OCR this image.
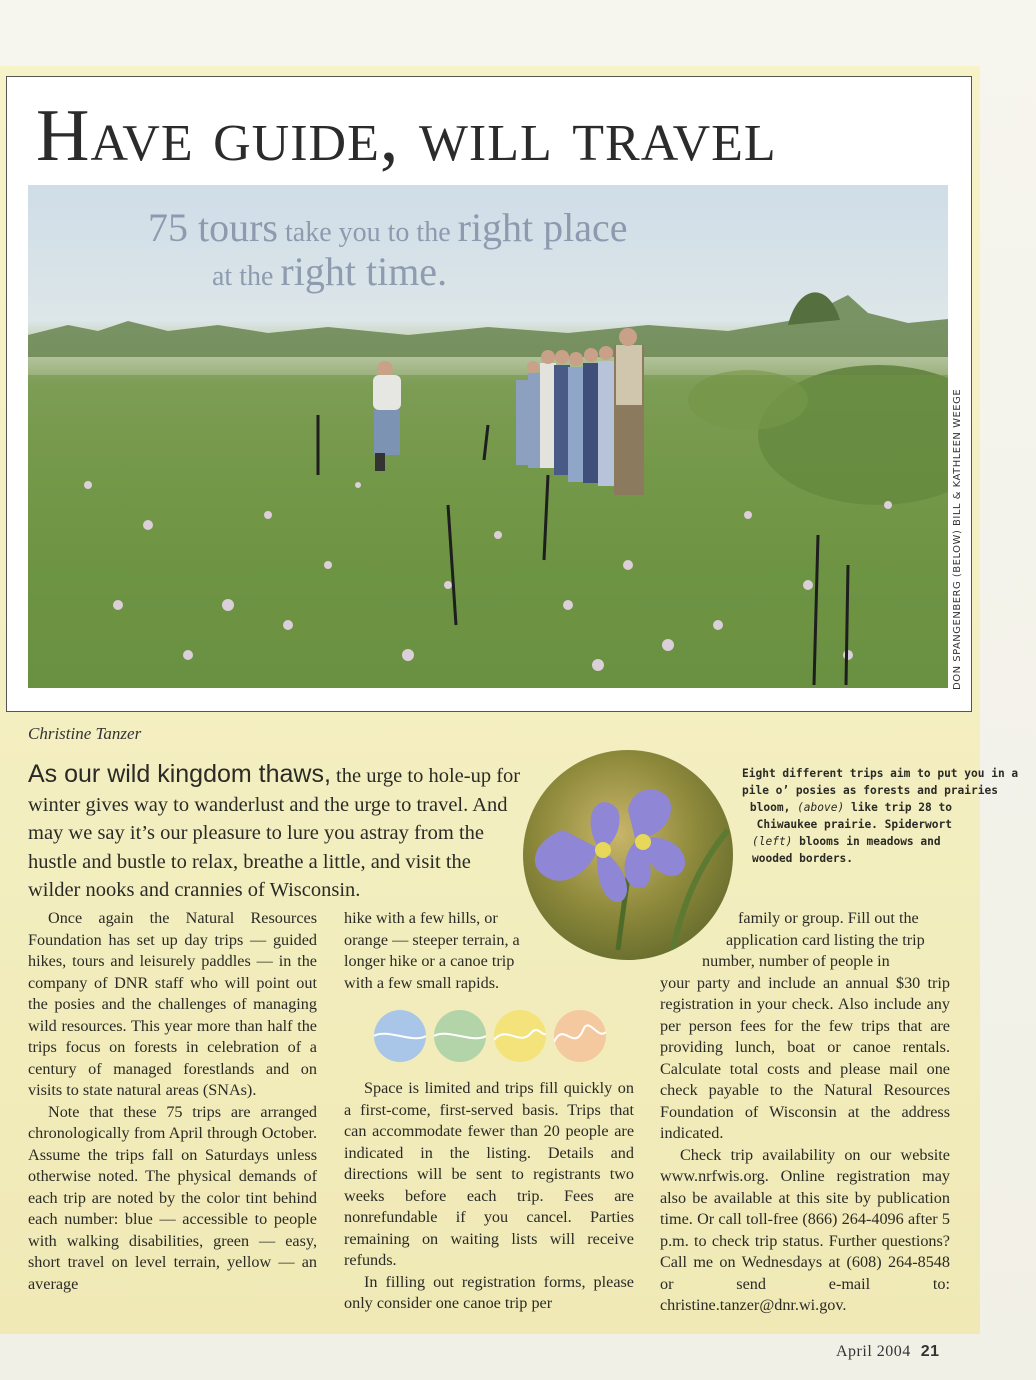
Have guide, will travel

75 tours take you to the right place

at the right time.

DON SPANGENBERG (BELOW) BILL & KATHLEEN WEEGE

Christine Tanzer

As our wild kingdom thaws, the urge to hole-up for winter gives way to wanderlust and the urge to travel. And may we say it’s our pleasure to lure you astray from the hustle and bustle to relax, breathe a little, and visit the wilder nooks and crannies of Wisconsin.

Eight different trips aim to put you in a
pile o’ posies as forests and prairies
bloom, (above) like trip 28 to
Chiwaukee prairie. Spiderwort
(left) blooms in meadows and
wooded borders.

Once again the Natural Resources Foundation has set up day trips — guided hikes, tours and leisurely paddles — in the company of DNR staff who will point out the posies and the challenges of managing wild resources. This year more than half the trips focus on forests in celebration of a century of managed forestlands and on visits to state natural areas (SNAs).

Note that these 75 trips are arranged chronologically from April through October. Assume the trips fall on Saturdays unless otherwise noted. The physical demands of each trip are noted by the color tint behind each number: blue — accessible to people with walking disabilities, green — easy, short travel on level terrain, yellow — an average

hike with a few hills, or orange — steeper terrain, a longer hike or a canoe trip with a few small rapids.

Space is limited and trips fill quickly on a first-come, first-served basis. Trips that can accommodate fewer than 20 people are indicated in the listing. Details and directions will be sent to registrants two weeks before each trip. Fees are nonrefundable if you cancel. Parties remaining on waiting lists will receive refunds.

In filling out registration forms, please only consider one canoe trip per

family or group. Fill out the

application card listing the trip

number, number of people in

your party and include an annual $30 trip registration in your check. Also include any per person fees for the few trips that are providing lunch, boat or canoe rentals. Calculate total costs and please mail one check payable to the Natural Resources Foundation of Wisconsin at the address indicated.

Check trip availability on our website www.nrfwis.org. Online registration may also be available at this site by publication time. Or call toll-free (866) 264-4096 after 5 p.m. to check trip status. Further questions? Call me on Wednesdays at (608) 264-8548 or send e-mail to: christine.tanzer@dnr.wi.gov.

April 2004 21
